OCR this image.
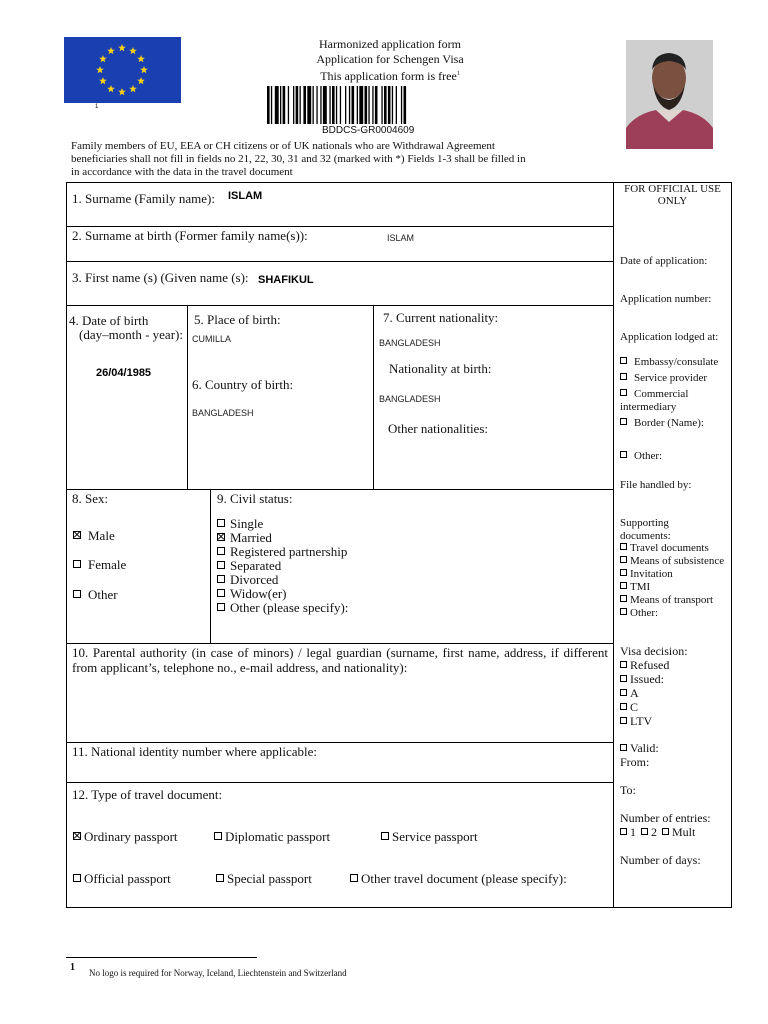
1
Harmonized application form
Application for Schengen Visa
This application form is free$^1$
BDDCS-GR0004609
Family members of EU, EEA or CH citizens or of UK nationals who are Withdrawal Agreement
beneficiaries shall not fill in fields no 21, 22, 30, 31 and 32 (marked with *) Fields 1-3 shall be filled in
in accordance with the data in the travel document
1. Surname (Family name): ISLAM
2. Surname at birth (Former family name(s)):	ISLAM
3. First name (s) (Given name (s): SHAFIKUL
4. Date of birth
(day–month - year):
26/04/1985
5. Place of birth:
CUMILLA
6. Country of birth:
BANGLADESH
7. Current nationality:
BANGLADESH
Nationality at birth:
BANGLADESH
Other nationalities:
8. Sex:
Male
Female
Other
9. Civil status:
Single
Married
Registered partnership
Separated
Divorced
Widow(er)
Other (please specify):
10. Parental authority (in case of minors) / legal guardian (surname, first name, address, if different
from applicant’s, telephone no., e-mail address, and nationality):
11. National identity number where applicable:
12. Type of travel document:
Ordinary passport	Diplomatic passport	Service passport
Official passport	Special passport	Other travel document (please specify):
FOR OFFICIAL USE
ONLY
Date of application:
Application number:
Application lodged at:
Embassy/consulate
Service provider
Commercial intermediary
Border (Name):
Other:
File handled by:
Supporting
documents:
Travel documents
Means of subsistence
Invitation
TMI
Means of transport
Other:
Visa decision:
Refused
Issued:
A
C
LTV
Valid:
From:
To:
Number of entries:
1 2 Mult
Number of days:
1 No logo is required for Norway, Iceland, Liechtenstein and Switzerland
